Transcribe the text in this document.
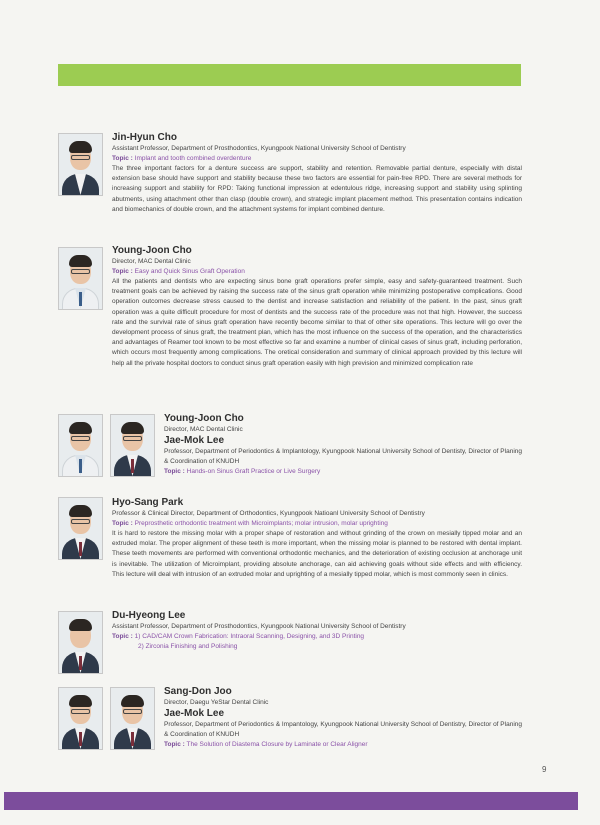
Jin-Hyun Cho
Assistant Professor, Department of Prosthodontics, Kyungpook National University School of Dentistry
Topic : Implant and tooth combined overdenture
The three important factors for a denture success are support, stability and retention. Removable partial denture, especially with distal extension base should have support and stability because these two factors are essential for pain-free RPD. There are several methods for increasing support and stability for RPD: Taking functional impression at edentulous ridge, increasing support and stability using splinting abutments, using attachment other than clasp (double crown), and strategic implant placement method. This presentation contains indication and biomechanics of double crown, and the attachment systems for implant combined denture.
Young-Joon Cho
Director, MAC Dental Clinic
Topic : Easy and Quick Sinus Graft Operation
All the patients and dentists who are expecting sinus bone graft operations prefer simple, easy and safety-guaranteed treatment. Such treatment goals can be achieved by raising the success rate of the sinus graft operation while minimizing postoperative complications. Good operation outcomes decrease stress caused to the dentist and increase satisfaction and reliability of the patient. In the past, sinus graft operation was a quite difficult procedure for most of dentists and the success rate of the procedure was not that high. However, the success rate and the survival rate of sinus graft operation have recently become similar to that of other site operations. This lecture will go over the development process of sinus graft, the treatment plan, which has the most influence on the success of the operation, and the characteristics and advantages of Reamer tool known to be most effective so far and examine a number of clinical cases of sinus graft, including perforation, which occurs most frequently among complications. The oretical consideration and summary of clinical approach provided by this lecture will help all the private hospital doctors to conduct sinus graft operation easily with high prevision and minimized complication rate
Young-Joon Cho
Director, MAC Dental Clinic
Jae-Mok Lee
Professor, Department of Periodontics & Implantology, Kyungpook National University School of Dentisty, Director of Planing & Coordination of KNUDH
Topic : Hands-on Sinus Graft Practice or Live Surgery
Hyo-Sang Park
Professor & Clinical Director, Department of Orthodontics, Kyungpook Natioanl University School of Dentistry
Topic : Preprosthetic orthodontic treatment with Microimplants; molar intrusion, molar uprighting
It is hard to restore the missing molar with a proper shape of restoration and without grinding of the crown on mesially tipped molar and an extruded molar. The proper alignment of these teeth is more important, when the missing molar is planned to be restored with dental implant. These teeth movements are performed with conventional orthodontic mechanics, and the deterioration of existing occlusion at anchorage unit is inevitable. The utilization of Microimplant, providing absolute anchorage, can aid achieving goals without side effects and with efficiency. This lecture will deal with intrusion of an extruded molar and uprighting of a mesially tipped molar, which is most commonly seen in clinics.
Du-Hyeong Lee
Assistant Professor, Department of Prosthodontics, Kyungpook National University School of Dentistry
Topic : 1) CAD/CAM Crown Fabrication: Intraoral Scanning, Designing, and 3D Printing
2) Zirconia Finishing and Polishing
Sang-Don Joo
Director, Daegu YeStar Dental Clinic
Jae-Mok Lee
Professor, Department of Periodontics & Impantology, Kyungpook National University School of Dentistry, Director of Planing & Coordination of KNUDH
Topic : The Solution of Diastema Closure by Laminate or Clear Aligner
9
